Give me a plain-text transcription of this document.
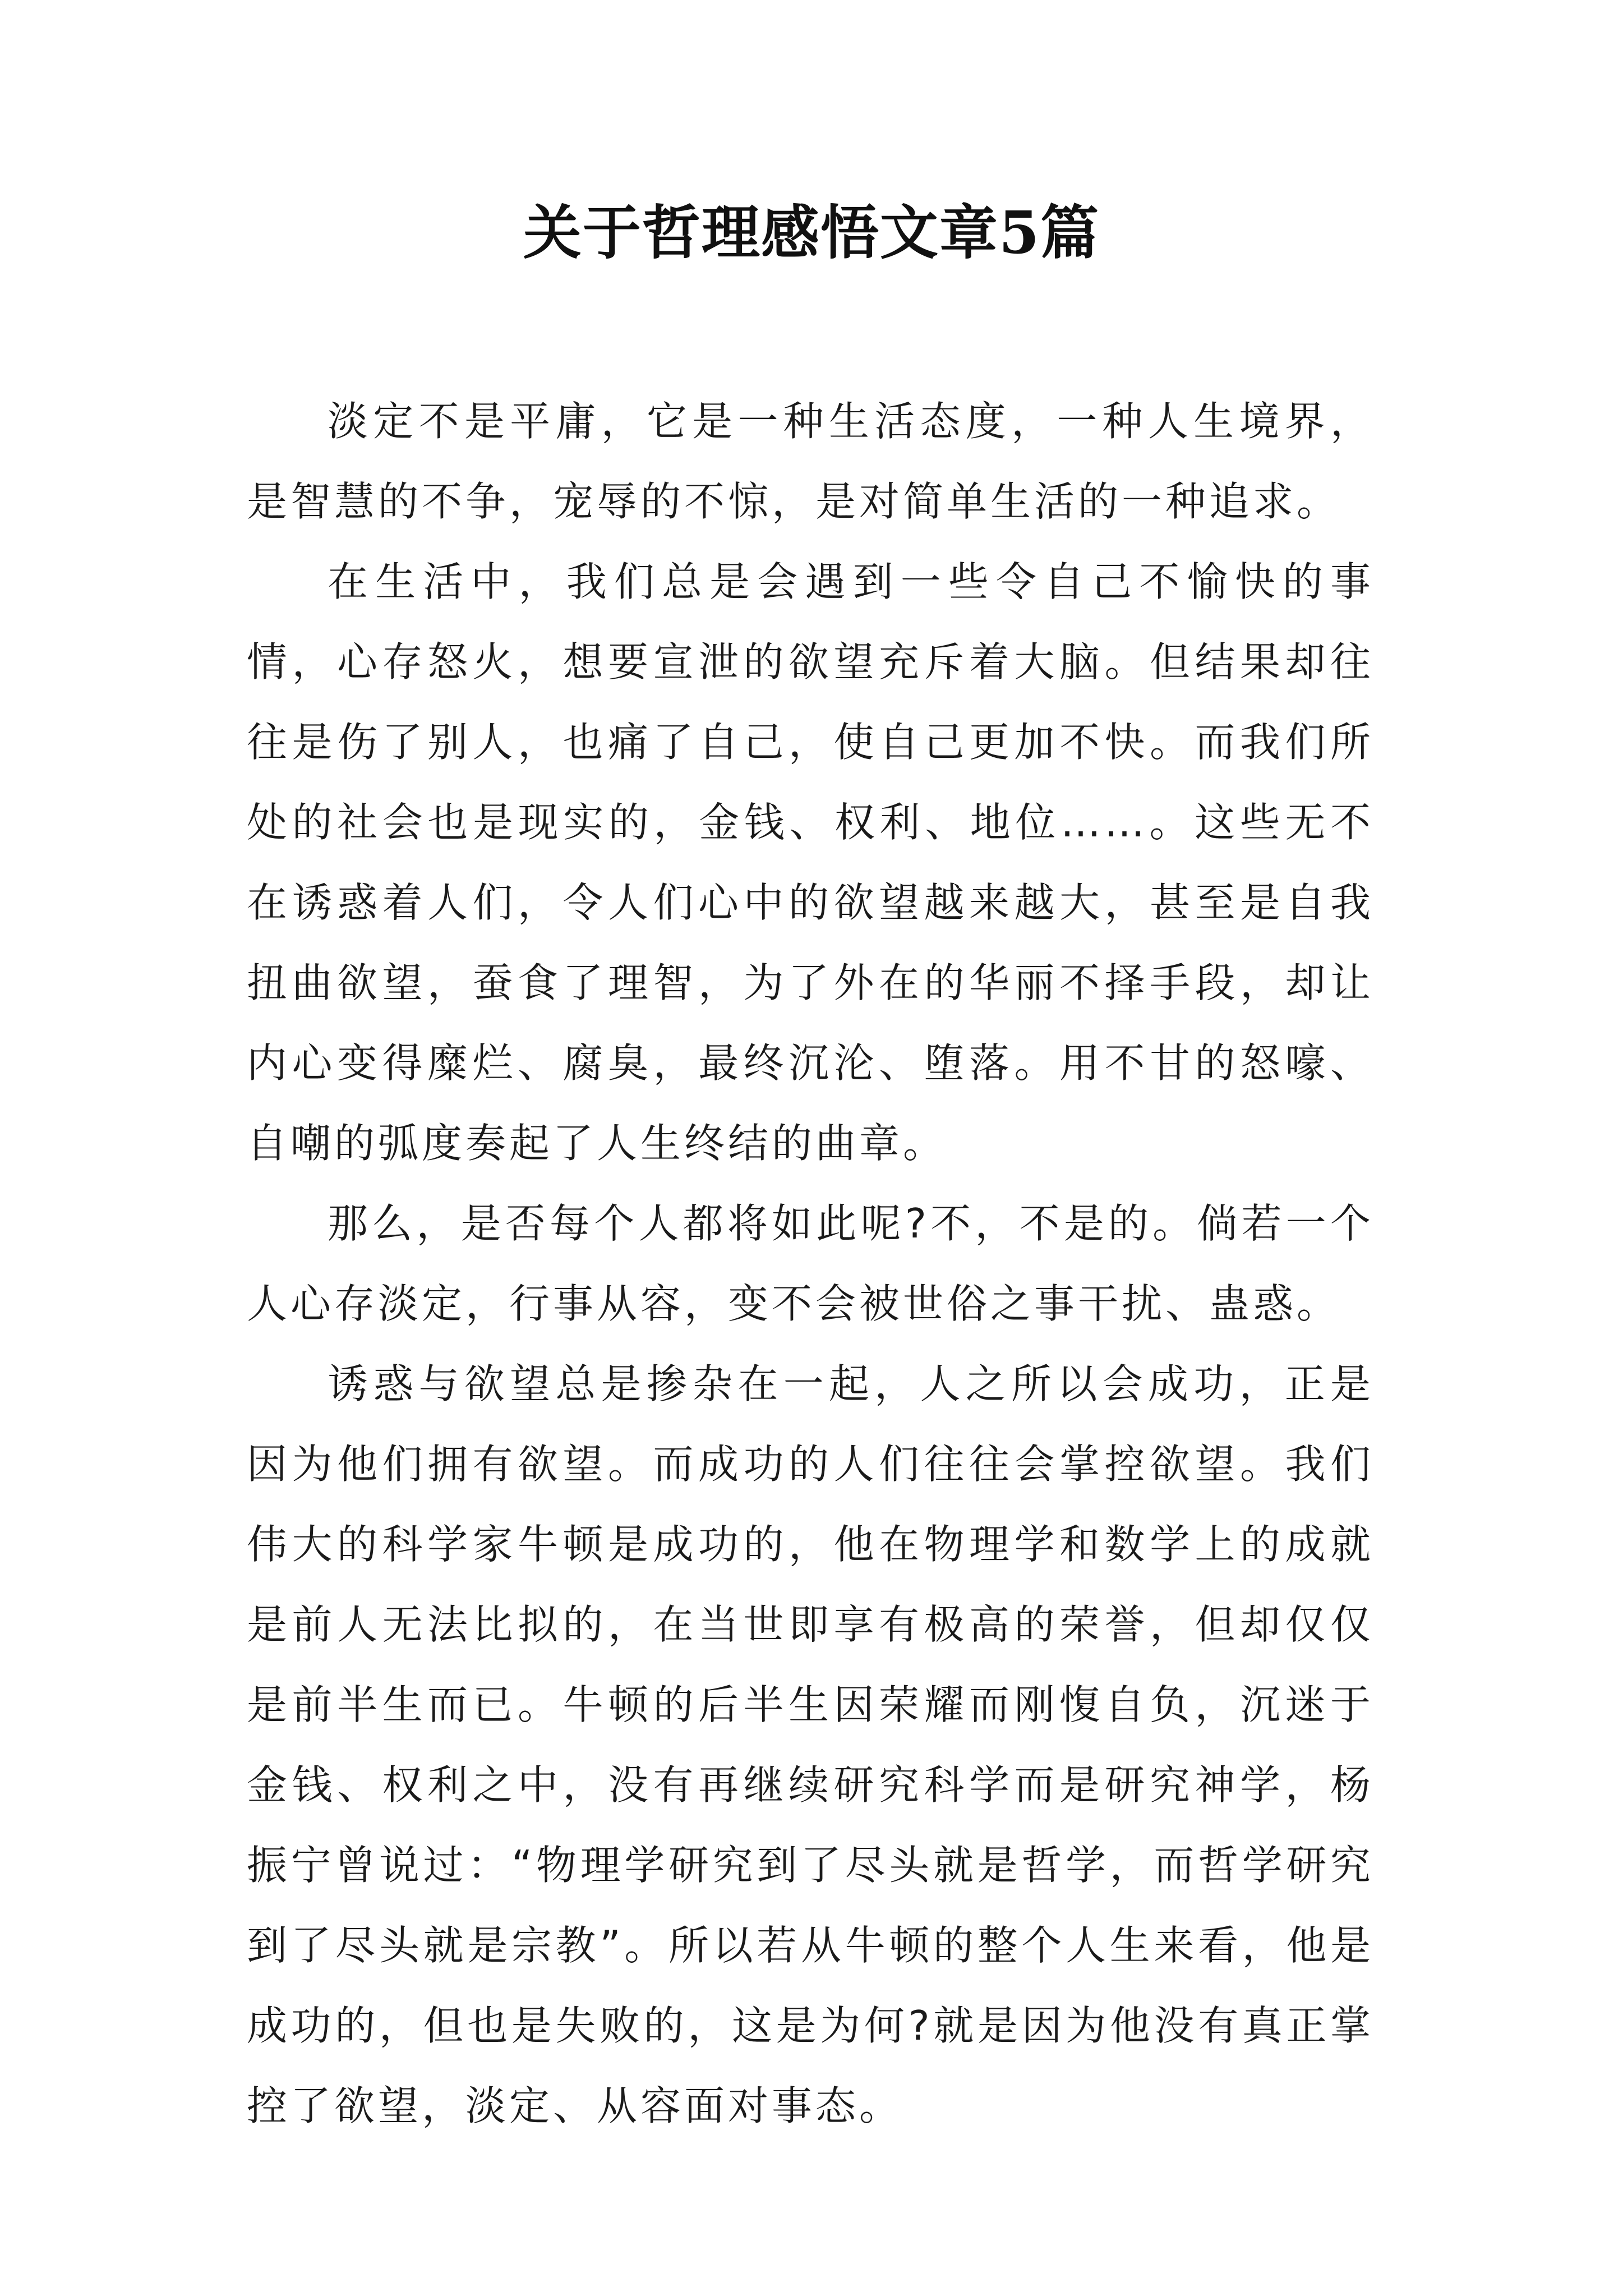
关于哲理感悟文章5篇

淡定不是平庸，它是一种生活态度，一种人生境界，是智慧的不争，宠辱的不惊，是对简单生活的一种追求。

在生活中，我们总是会遇到一些令自己不愉快的事情，心存怒火，想要宣泄的欲望充斥着大脑。但结果却往往是伤了别人，也痛了自己，使自己更加不快。而我们所处的社会也是现实的，金钱、权利、地位……。这些无不在诱惑着人们，令人们心中的欲望越来越大，甚至是自我扭曲欲望，蚕食了理智，为了外在的华丽不择手段，却让内心变得糜烂、腐臭，最终沉沦、堕落。用不甘的怒嚎、自嘲的弧度奏起了人生终结的曲章。

那么，是否每个人都将如此呢?不，不是的。倘若一个人心存淡定，行事从容，变不会被世俗之事干扰、蛊惑。

诱惑与欲望总是掺杂在一起，人之所以会成功，正是因为他们拥有欲望。而成功的人们往往会掌控欲望。我们伟大的科学家牛顿是成功的，他在物理学和数学上的成就是前人无法比拟的，在当世即享有极高的荣誉，但却仅仅是前半生而已。牛顿的后半生因荣耀而刚愎自负，沉迷于金钱、权利之中，没有再继续研究科学而是研究神学，杨振宁曾说过：“物理学研究到了尽头就是哲学，而哲学研究到了尽头就是宗教”。所以若从牛顿的整个人生来看，他是成功的，但也是失败的，这是为何?就是因为他没有真正掌控了欲望，淡定、从容面对事态。
